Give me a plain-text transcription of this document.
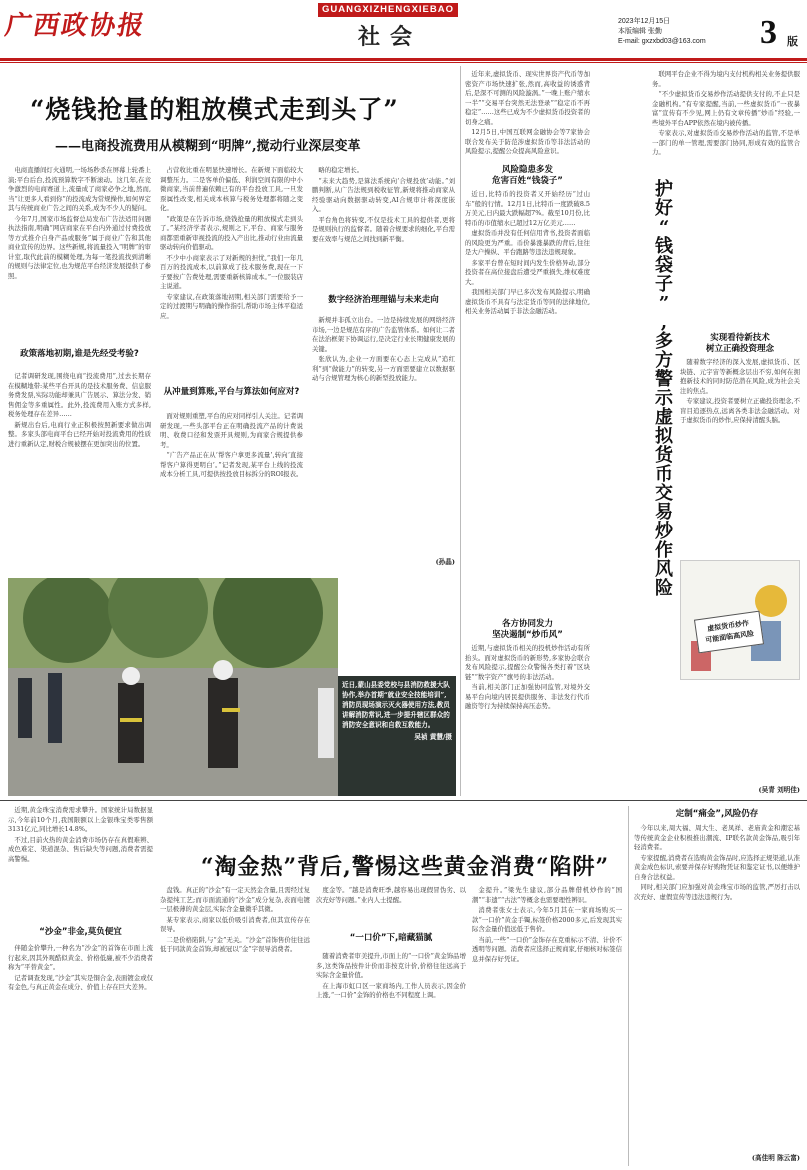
广西政协报
GUANGXIZHENGXIEBAO
社会
2023年12月15日
本版编辑 张勤
E-mail: gxzxbd03@163.com 3 版
“烧钱抢量的粗放模式走到头了”
——电商投流费用从模糊到“明牌”,搅动行业深层变革

电商直播间灯火通明,一场场秒杀在屏幕上轮番上演;平台后台,投流预算数字不断滚动。这几年,在竞争激烈的电商赛道上,流量成了商家必争之地,然而,当“让更多人看到你”的投流成为常规操作,如何界定其与传统商业广告之间的关系,成为不少人的疑问。

今年7月,国家市场监督总局发布广告法适用问题执法指南,明确“网店商家在平台内外通过付费投放等方式推介自身产品或服务”属于商业广告和其他商业宣传的边界。这些新规,将流量投入“明牌”的审计室,取代此前的模糊处理,为每一笔投流找到清晰的规则与法律定位,也为规范平台经济发展提供了参照。

政策落地初期,谁是先经受考验?

记者调研发现,围绕电商“投流费用”,过去长期存在模糊地带:某些平台开具的是技术服务费、信息服务费发票,实际功能却兼具广告展示、算法分发、销售佣金等多重属性。此外,投流费用入账方式多样,税务处理存在差异……

新规出台后,电商行业正积极按照新要求做出调整。多家头部电商平台已经开始对投流费用的性质进行重新认定,财税合规被摆在更加突出的位置。

占营收比重在明显快速增长。在新规下面临较大调整压力。二是客单价偏低、利润空间有限的中小微商家,当前普遍依赖已有的平台投放工具,一旦发票属性改变,相关成本核算与税务处理都将随之变化。

“政策是在告诉市场,烧钱抢量的粗放模式走到头了。”某经济学者表示,规则之下,平台、商家与服务商都需重新审视投流的投入产出比,推动行业由流量驱动转向价值驱动。

不少中小商家表示了对新规的担忧,“我们一年几百万的投流成本,以前算成了技术服务费,现在一下子要按广告费处理,需要重新核算成本。”一位服装店主说道。

专家建议,在政策落地初期,相关部门需要给予一定的过渡期与明确的操作指引,帮助市场主体平稳适应。

从冲量到算账,平台与算法如何应对?

面对规则重塑,平台的应对同样引人关注。记者调研发现,一些头部平台正在明确投流产品的计费说明、收费口径和发票开具规则,为商家合规提供参考。

“广告产品正在从‘帮客户拿更多流量’,转向‘直接帮客户算得更明白’。”记者发现,某平台上线的投流成本分析工具,可提供按投放目标拆分的ROI报表。

略的稳定增长。

“未来大趋势,是算法系统向‘合规投放’动能。”刘鹏判断,从广告法规到税收征管,新规将推动商家从经验驱动向数据驱动转变,AI合规审计将深度嵌入。

平台角色将转变,不仅是技术工具的提供者,更将是规则执行的监督者。随着合规要求的细化,平台需要在效率与规范之间找到新平衡。

数字经济治理理锚与未来走向

新规并非孤立出台。一边是持续发展的网络经济市场,一边是规范有序的广告监管体系。如何让二者在法治框架下协调运行,是决定行业长期健康发展的关键。

张欣认为,企业一方面要在心态上完成从“追红利”到“做能力”的转变,另一方面需要建立以数据驱动与合规管理为核心的新型投放能力。

(孙晶)
近日,蒙山县委党校与县消防救援大队协作,举办首期“就业安全技能培训”,消防员现场演示灭火器使用方法,教员讲解消防常识,进一步提升辖区群众的消防安全意识和自救互救能力。
吴祯 黄慧/摄

近年来,虚拟货币、现实世界资产代币等加密资产市场快速扩张,然而,高收益的诱惑背后,是深不可测的风险漩涡。”一晚上账户缩水一半”“交易平台突然无法登录”“稳定币不再稳定”……这些已成为不少虚拟货币投资者的切身之痛。

12月5日,中国互联网金融协会等7家协会联合发布关于防范涉虚拟货币等非法活动的风险提示,提醒公众提高风险意识。

风险隐患多发
危害百姓“钱袋子”

近日,比特币的投资者又开始经历“过山车”般的行情。12月1日,比特币一度跌破8.5万美元,日内最大跌幅超7%。截至10月份,比特币的市值缩水已超过12万亿美元……

虚拟货币并没有任何信用背书,投资者面临的风险更为严重。币价暴涨暴跌的背后,往往是大户操纵、平台跑路等违法违规现象。

多家平台曾在短时间内发生价格异动,部分投资者在高位接盘后遭受严重损失,维权难度大。

我国相关部门早已多次发布风险提示,明确虚拟货币不具有与法定货币等同的法律地位,相关业务活动属于非法金融活动。

各方协同发力
坚决遏制“炒币风”

近期,与虚拟货币相关的投机炒作活动有所抬头。面对虚拟货币的新形势,多家协会联合发布风险提示,提醒公众警惕各类打着“区块链”“数字资产”旗号的非法活动。

当前,相关部门正加强协同监管,对境外交易平台向境内居民提供服务、非法发行代币融资等行为持续保持高压态势。

护
好
“
钱
袋
子
”
,
多
方
警
示
虚
拟
货
币
交
易
炒
作
风
险

联网平台企业不得为境内支付机构相关业务提供服务。

“不少虚拟货币交易炒作活动提供支付的,不止只是金融机构。”有专家提醒,当前,一些虚拟货币“一夜暴富”宣传有不少见,网上仍有文章传播“炒币”经验,一些境外平台APP依然在境内被传播。

专家表示,对虚拟货币交易炒作活动的监管,不是单一部门的单一管理,需要部门协同,形成有效的监管合力。

实现看待新技术
树立正确投资理念

随着数字经济的深入发展,虚拟货币、区块链、元宇宙等新概念层出不穷,如何在拥抱新技术的同时防范潜在风险,成为社会关注的焦点。

专家建议,投资者要树立正确投资理念,不盲目追逐热点,远离各类非法金融活动。对于虚拟货币的炒作,应保持清醒头脑。

虚拟货币炒作
可能面临高风险
(吴青 刘明佳)
“淘金热”背后,警惕这些黄金消费“陷阱”

近期,黄金珠宝消费需求攀升。国家统计局数据显示,今年前10个月,我国限额以上金银珠宝类零售额3131亿元,同比增长14.8%。

不过,目前火热的黄金消费市场仍存在真假难辨、成色难定、渠道混杂、售后缺失等问题,消费者需提高警惕。

“沙金”非金,莫负便宜

伴随金价攀升,一种名为“沙金”的首饰在市面上流行起来,因其外观酷似黄金、价格低廉,被不少消费者称为“平替黄金”。

记者调查发现,“沙金”其实是铜合金,表面镀金或仅有金色,与真正黄金在成分、价值上存在巨大差异。

盘钱。真正的“沙金”有一定天然金含量,且需经过复杂提纯工艺;而市面流通的“沙金”成分复杂,表面电镀一层极薄的黄金层,实际含金量微乎其微。

某专家表示,商家以低价吸引消费者,但其宣传存在误导。

二是价格陷阱,与“金”无关。“沙金”首饰售价往往远低于同款黄金首饰,却被冠以“金”字误导消费者。

度金等。“越是消费旺季,越容易出现假冒伪劣、以次充好等问题。”业内人士提醒。

“一口价”下,暗藏猫腻

随着消费者审美提升,市面上的“一口价”黄金饰品增多,这类饰品按件计价而非按克计价,价格往往远高于实际含金量价值。

在上海市虹口区一家商场内,工作人员表示,因金价上涨,“一口价”金饰的价格也不同程度上调。

金提升。”梁先生建议,部分品牌借机炒作的“国潮”“非遗”“古法”等概念也需要理性辨识。

消费者张女士表示,今年5月其在一家商场购买一款“一口价”黄金手镯,标签价格2000多元,后发现其实际含金量价值远低于售价。

当前,一些“一口价”金饰存在克重标示不清、计价不透明等问题。消费者应选择正规商家,仔细核对标签信息并保存好凭证。

定制“痛金”,风险仍存

今年以来,周大福、周大生、老凤祥、老庙黄金和潮宏基等传统黄金企业积极推出潮流、IP联名款黄金饰品,吸引年轻消费者。

专家提醒,消费者在选购黄金饰品时,应选择正规渠道,认准黄金成色标识,索要并保存好购物凭证和鉴定证书,以便维护自身合法权益。

同时,相关部门应加强对黄金珠宝市场的监管,严厉打击以次充好、虚假宣传等违法违规行为。

(高佳明 陈云富)
